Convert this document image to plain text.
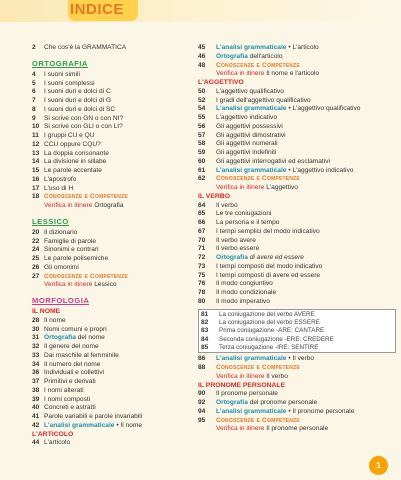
INDICE
2	Che cos'è la GRAMMATICA
ORTOGRAFIA
4	I suoni simili
5	I suoni complessi
6	I suoni duri e dolci di C
7	I suoni duri e dolci di G
8	I suoni duri e dolci di SC
9	Si scrive con GN o con NI?
10 Si scrive con GLI o con LI?
11 I gruppi CU e QU
12 CCU oppure CQU?
13 La doppia consonante
14 La divisione in sillabe
15 Le parole accentate
16 L'apostrofo
17 L'uso di H
18 Conoscenze e Competenze
Verifica in itinere
Ortografia
LESSICO
20 Il dizionario
22 Famiglie di parole
24 Sinonimi e contrari
25 Le parole polisemiche
26 Gli omonimi
27 Conoscenze e Competenze
Verifica in itinere
Lessico
MORFOLOGIA
IL NOME
28 Il nome
30 Nomi comuni e propri
31 Ortografia
del nome
32 Il genere del nome
33 Dai maschile al femminile
34 Il numero del nome
36 Individuali e collettivi
37 Primitivi e derivati
38 I nomi alterati
39 I nomi composti
40 Concreti e astratti
41 Parole variabili e parole invariabili
42 L'analisi grammaticale
• Il nome
L'ARTICOLO
44 L'articolo
45	L'analisi grammaticale
• L'articolo
46	Ortografia
dell'articolo
48	Conoscenze e Competenze
Verifica in itinere
Il nome e l'articolo
L'AGGETTIVO
50	L'aggettivo qualificativo
52	I gradi dell'aggettivo qualificativo
54	L'analisi grammaticale
• L'aggettivo qualificativo
55	L'aggettivo indicativo
56	Gli aggettivi possessivi
57	Gli aggettivi dimostrativi
58	Gli aggettivi numerali
59	Gli aggettivi indefiniti
60	Gli aggettivi interrogativi ed esclamativi
61	L'analisi grammaticale
• L'aggettivo indicativo
62	Conoscenze e Competenze
Verifica in itinere
L'aggettivo
IL VERBO
64	Il verbo
65	Le tre coniugazioni
66	La persona e il tempo
67	I tempi semplici del modo indicativo
70	Il verbo avere
71	Il verbo essere
72	Ortografia
di avere ed essere
73	I tempi composti del modo indicativo
75	I tempi composti di avere ed essere
76	Il modo congiuntivo
78	Il modo condizionale
80	Il modo imperativo
81	La coniugazione del verbo AVERE
82	La coniugazione del verbo ESSERE
83	Prima coniugazione -ARE: CANTARE
84	Seconda coniugazione -ERE: CREDERE
85	Terza coniugazione -IRE: SENTIRE
86	L'analisi grammaticale
• Il verbo
88	Conoscenze e Competenze
Verifica in itinere
Il verbo
IL PRONOME PERSONALE
90	Il pronome personale
92	Ortografia
del pronome personale
94	L'analisi grammaticale
• Il pronome personale
95	Conoscenze e Competenze
Verifica in itinere
Il pronome personale
1
